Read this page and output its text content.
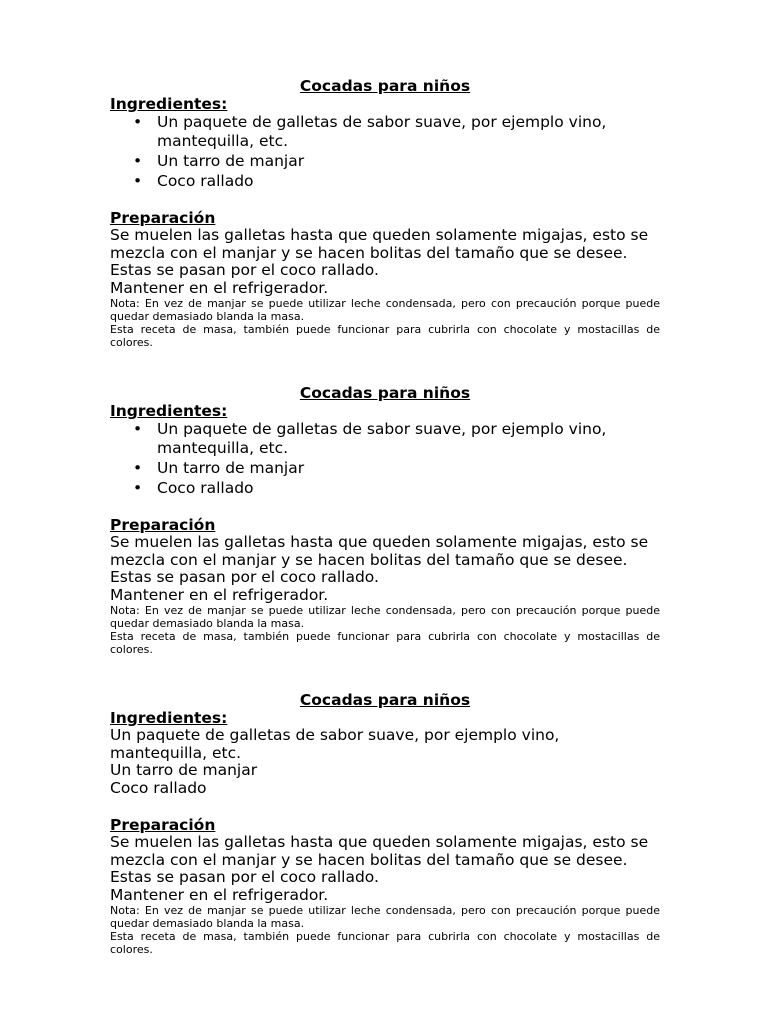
Cocadas para niños
Ingredientes:
• Un paquete de galletas de sabor suave, por ejemplo vino, mantequilla, etc.
• Un tarro de manjar
• Coco rallado
Preparación

Se muelen las galletas hasta que queden solamente migajas, esto se mezcla con el manjar y se hacen bolitas del tamaño que se desee. Estas se pasan por el coco rallado.

Mantener en el refrigerador.

Nota: En vez de manjar se puede utilizar leche condensada, pero con precaución porque puede quedar demasiado blanda la masa.

Esta receta de masa, también puede funcionar para cubrirla con chocolate y mostacillas de colores.

Cocadas para niños
Ingredientes:
• Un paquete de galletas de sabor suave, por ejemplo vino, mantequilla, etc.
• Un tarro de manjar
• Coco rallado
Preparación

Se muelen las galletas hasta que queden solamente migajas, esto se mezcla con el manjar y se hacen bolitas del tamaño que se desee. Estas se pasan por el coco rallado.

Mantener en el refrigerador.

Nota: En vez de manjar se puede utilizar leche condensada, pero con precaución porque puede quedar demasiado blanda la masa.

Esta receta de masa, también puede funcionar para cubrirla con chocolate y mostacillas de colores.

Cocadas para niños
Ingredientes:
Un paquete de galletas de sabor suave, por ejemplo vino, mantequilla, etc.
Un tarro de manjar
Coco rallado
Preparación

Se muelen las galletas hasta que queden solamente migajas, esto se mezcla con el manjar y se hacen bolitas del tamaño que se desee. Estas se pasan por el coco rallado.

Mantener en el refrigerador.

Nota: En vez de manjar se puede utilizar leche condensada, pero con precaución porque puede quedar demasiado blanda la masa.

Esta receta de masa, también puede funcionar para cubrirla con chocolate y mostacillas de colores.
